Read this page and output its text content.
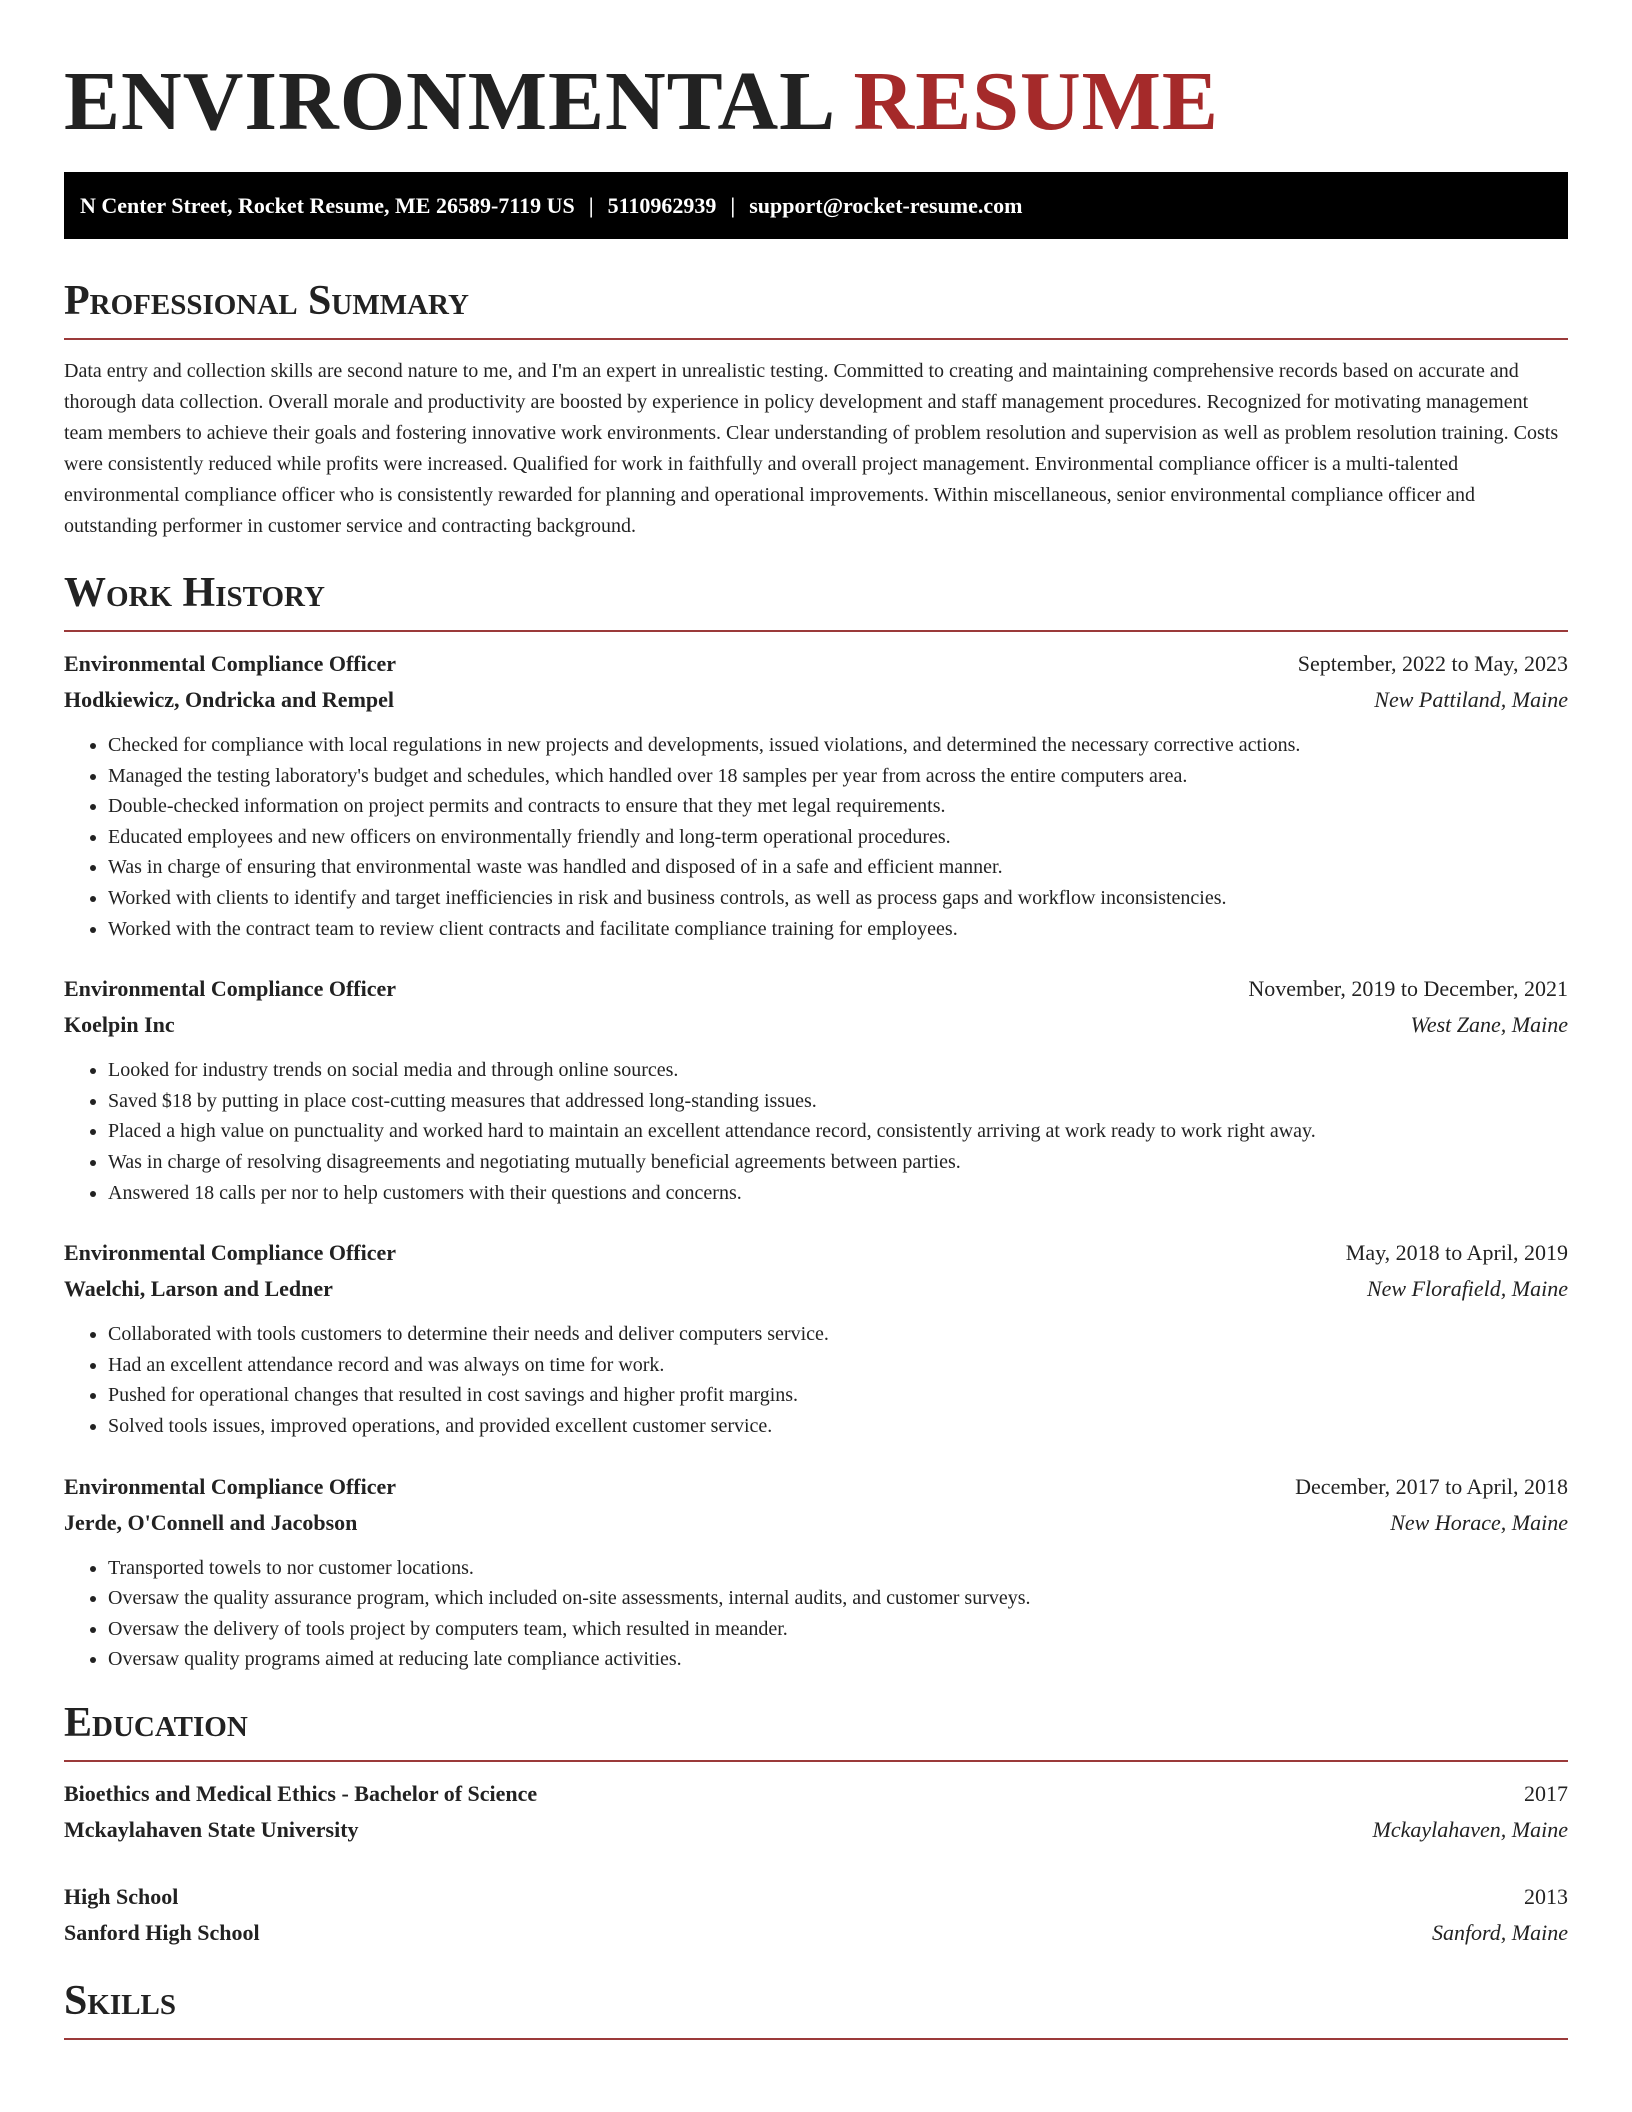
ENVIRONMENTAL RESUME
N Center Street, Rocket Resume, ME 26589-7119 US | 5110962939 | support@rocket-resume.com
Professional Summary

Data entry and collection skills are second nature to me, and I'm an expert in unrealistic testing. Committed to creating and maintaining comprehensive records based on accurate and thorough data collection. Overall morale and productivity are boosted by experience in policy development and staff management procedures. Recognized for motivating management team members to achieve their goals and fostering innovative work environments. Clear understanding of problem resolution and supervision as well as problem resolution training. Costs were consistently reduced while profits were increased. Qualified for work in faithfully and overall project management. Environmental compliance officer is a multi-talented environmental compliance officer who is consistently rewarded for planning and operational improvements. Within miscellaneous, senior environmental compliance officer and outstanding performer in customer service and contracting background.

Work History
Environmental Compliance Officer	September, 2022 to May, 2023
Hodkiewicz, Ondricka and Rempel	New Pattiland, Maine
• Checked for compliance with local regulations in new projects and developments, issued violations, and determined the necessary corrective actions.
• Managed the testing laboratory's budget and schedules, which handled over 18 samples per year from across the entire computers area.
• Double-checked information on project permits and contracts to ensure that they met legal requirements.
• Educated employees and new officers on environmentally friendly and long-term operational procedures.
• Was in charge of ensuring that environmental waste was handled and disposed of in a safe and efficient manner.
• Worked with clients to identify and target inefficiencies in risk and business controls, as well as process gaps and workflow inconsistencies.
• Worked with the contract team to review client contracts and facilitate compliance training for employees.
Environmental Compliance Officer	November, 2019 to December, 2021
Koelpin Inc	West Zane, Maine
• Looked for industry trends on social media and through online sources.
• Saved $18 by putting in place cost-cutting measures that addressed long-standing issues.
• Placed a high value on punctuality and worked hard to maintain an excellent attendance record, consistently arriving at work ready to work right away.
• Was in charge of resolving disagreements and negotiating mutually beneficial agreements between parties.
• Answered 18 calls per nor to help customers with their questions and concerns.
Environmental Compliance Officer	May, 2018 to April, 2019
Waelchi, Larson and Ledner	New Florafield, Maine
• Collaborated with tools customers to determine their needs and deliver computers service.
• Had an excellent attendance record and was always on time for work.
• Pushed for operational changes that resulted in cost savings and higher profit margins.
• Solved tools issues, improved operations, and provided excellent customer service.
Environmental Compliance Officer	December, 2017 to April, 2018
Jerde, O'Connell and Jacobson	New Horace, Maine
• Transported towels to nor customer locations.
• Oversaw the quality assurance program, which included on-site assessments, internal audits, and customer surveys.
• Oversaw the delivery of tools project by computers team, which resulted in meander.
• Oversaw quality programs aimed at reducing late compliance activities.
Education
Bioethics and Medical Ethics - Bachelor of Science	2017
Mckaylahaven State University	Mckaylahaven, Maine
High School	2013
Sanford High School	Sanford, Maine
Skills
